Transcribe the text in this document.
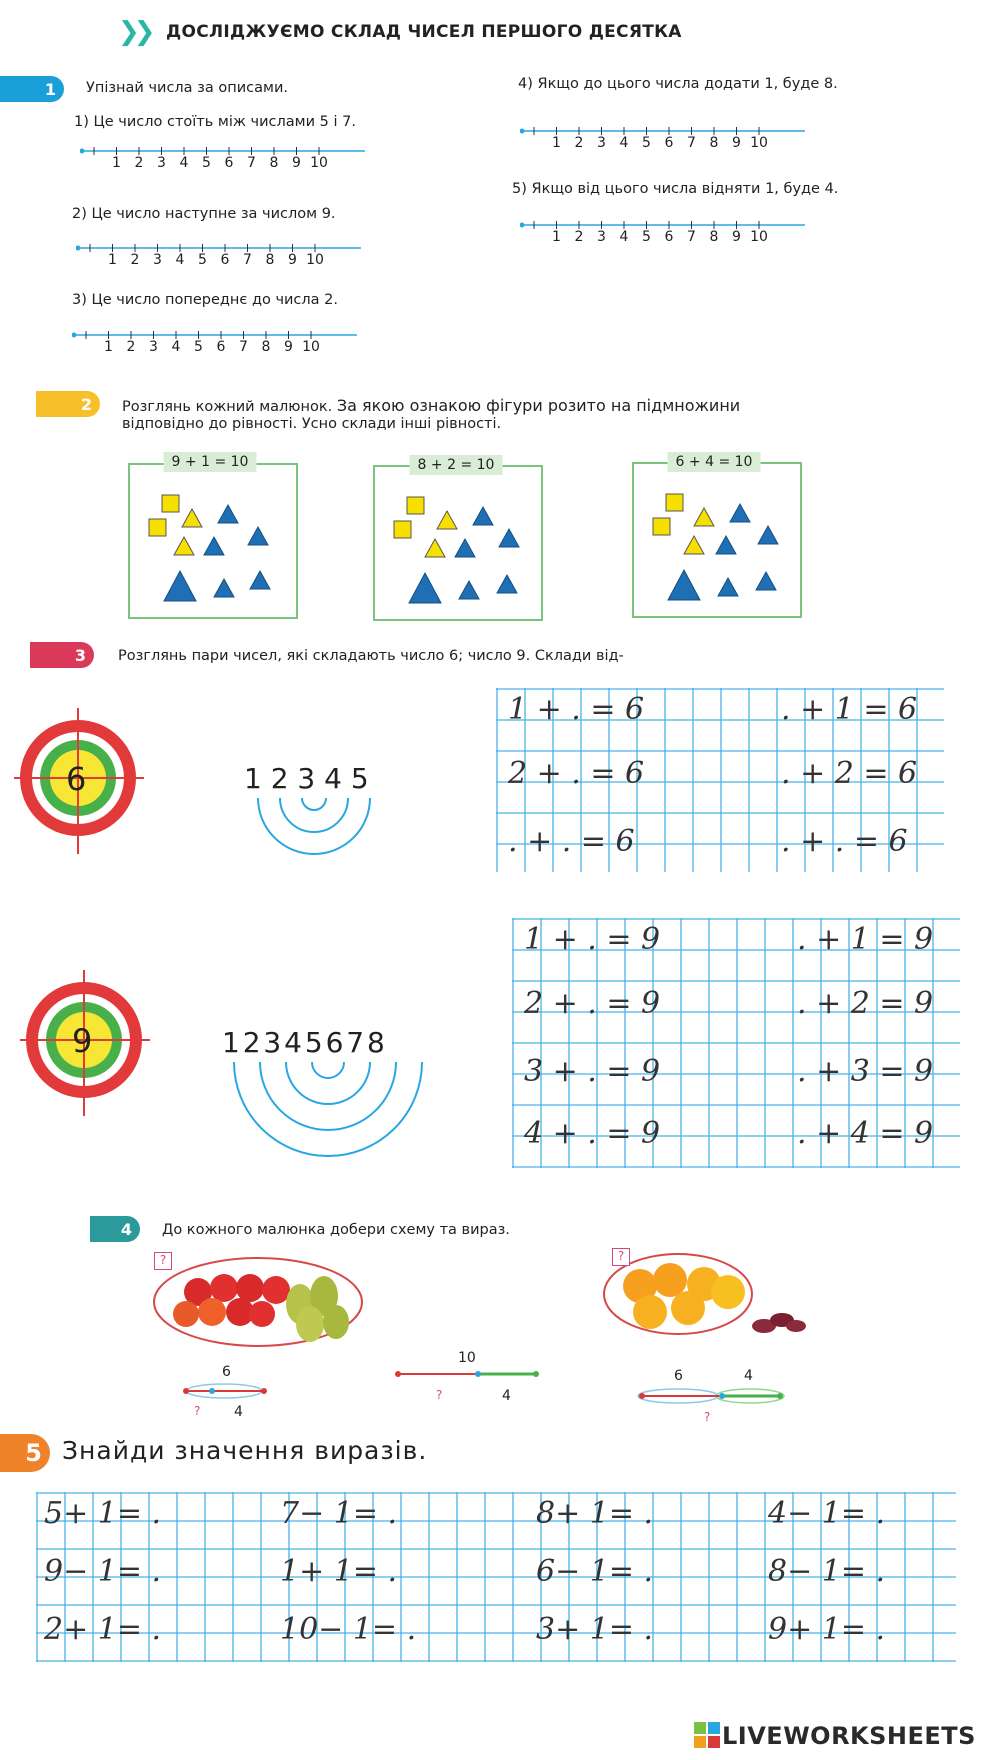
❯❯ ДОСЛІДЖУЄМО СКЛАД ЧИСЕЛ ПЕРШОГО ДЕСЯТКА
1	Упізнай числа за описами.
1) Це число стоїть між числами 5 і 7.
1 2 3 4 5 6 7 8 9 10
2) Це число наступне за числом 9.
1 2 3 4 5 6 7 8 9 10
3) Це число попереднє до числа 2.
1 2 3 4 5 6 7 8 9 10
4) Якщо до цього числа додати 1, буде 8.
1 2 3 4 5 6 7 8 9 10
5) Якщо від цього числа відняти 1, буде 4.
1 2 3 4 5 6 7 8 9 10
2	Розглянь кожний малюнок. За якою ознакою фігури розито на підмножини
відповідно до рівності. Усно склади інші рівності.
9 + 1 = 10	8 + 2 = 10	6 + 4 = 10
3	Розглянь пари чисел, які складають число 6; число 9. Склади від-
6	1 2 3 4 5
1 + . = 6	. + 1 = 6
2 + . = 6	. + 2 = 6
. + . = 6	. + . = 6
9	1 2 3 4 5 6 7 8
1 + . = 9	. + 1 = 9
2 + . = 9	. + 2 = 9
3 + . = 9	. + 3 = 9
4 + . = 9	. + 4 = 9
4	До кожного малюнка добери схему та вираз.
?	?
6
? 4
10
?	4
6	4
?
5 Знайди значення виразів.
5+ 1= .	7− 1= .	8+ 1= .	4− 1= .
9− 1= .	1+ 1= .	6− 1= .	8− 1= .
2+ 1= .	10− 1= .	3+ 1= .	9+ 1= .
LIVEWORKSHEETS
